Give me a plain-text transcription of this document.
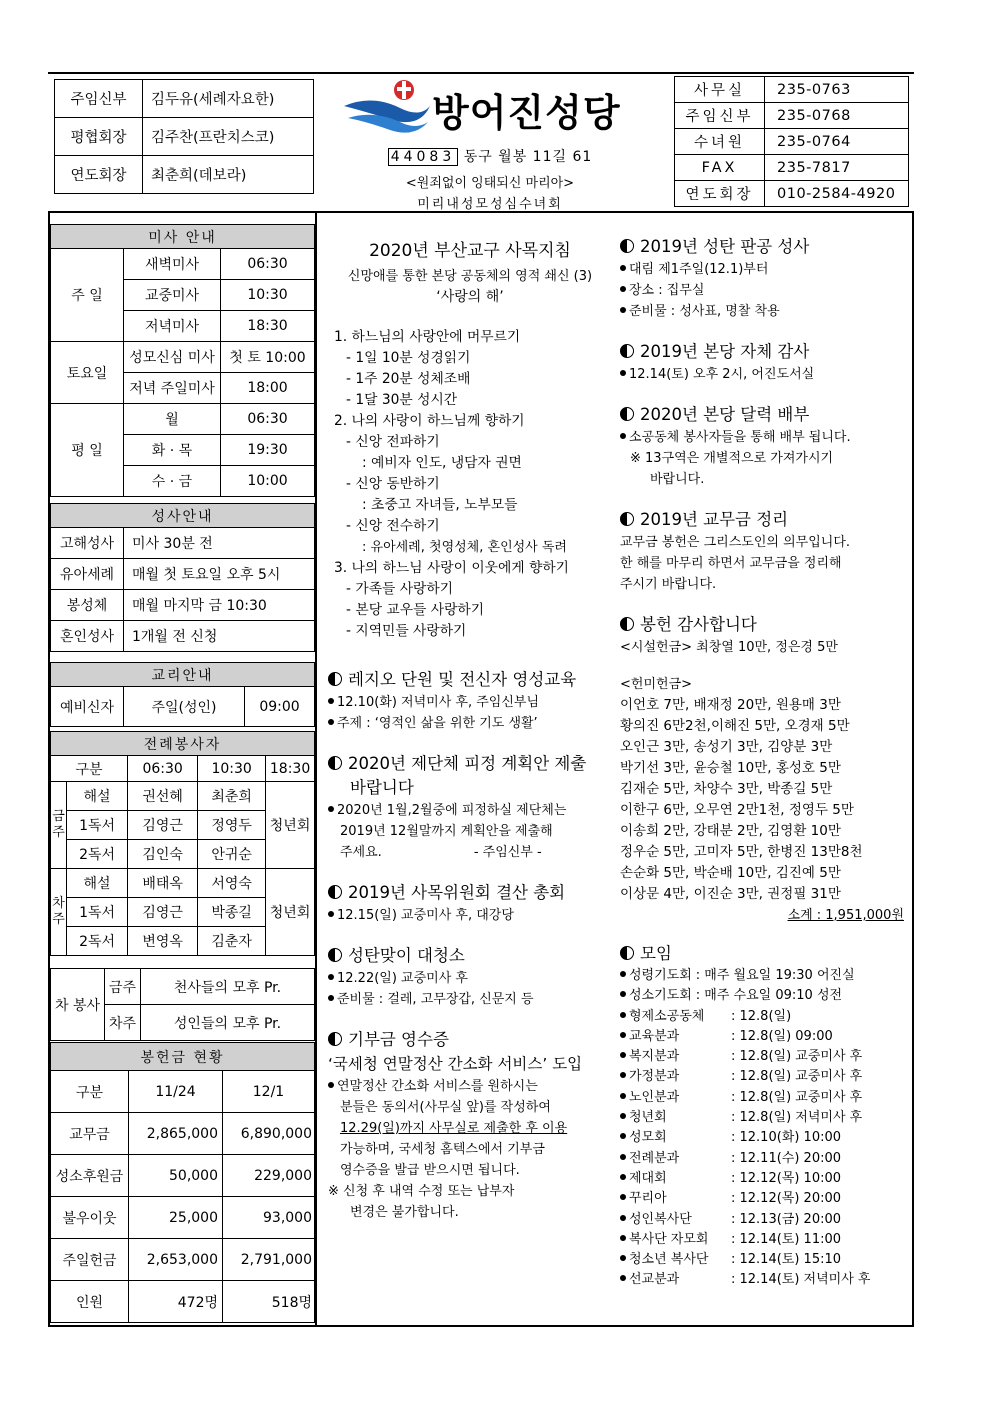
주임신부	김두유(세례자요한)
평협회장	김주찬(프란치스코)
연도회장	최춘희(데보라)
방어진성당
44083 동구 월봉 11길 61
<원죄없이 잉태되신 마리아>
미리내성모성심수녀회
사무실	235-0763
주임신부	235-0768
수녀원	235-0764
FAX	235-7817
연도회장	010-2584-4920
미사 안내		
주 일	새벽미사	06:30
	교중미사	10:30
	저녁미사	18:30
토요일	성모신심 미사	첫 토 10:00
	저녁 주일미사	18:00
평 일	월	06:30
	화 · 목	19:30
	수 · 금	10:00
성사안내	
고해성사	미사 30분 전
유아세례	매월 첫 토요일 오후 5시
봉성체	매월 마지막 금 10:30
혼인성사	1개월 전 신청
교리안내
예비신자	주일(성인)	09:00
전례봉사자				
구분		06:30	10:30	18:30
금
주	해설	권선혜	최춘희	청년회
	1독서	김영근	정영두	
	2독서	김인숙	안귀순	
차
주	해설	배태옥	서영숙	청년회
	1독서	김영근	박종길	
	2독서	변영옥	김춘자	
차 봉사	금주	천사들의 모후 Pr.
	차주	성인들의 모후 Pr.
봉헌금 현황		
구분	11/24	12/1
교무금	2,865,000	6,890,000
성소후원금	50,000	229,000
불우이웃	25,000	93,000
주일헌금	2,653,000	2,791,000
인원	472명	518명
2020년 부산교구 사목지침
신망애를 통한 본당 공동체의 영적 쇄신 (3)
‘사랑의 해’
1. 하느님의 사랑안에 머무르기
- 1일 10분 성경읽기
- 1주 20분 성체조배
- 1달 30분 성시간
2. 나의 사랑이 하느님께 향하기
- 신앙 전파하기
: 예비자 인도, 냉담자 권면
- 신앙 동반하기
: 초중고 자녀들, 노부모들
- 신앙 전수하기
: 유아세례, 첫영성체, 혼인성사 독려
3. 나의 하느님 사랑이 이웃에게 향하기
- 가족들 사랑하기
- 본당 교우들 사랑하기
- 지역민들 사랑하기
레지오 단원 및 전신자 영성교육
12.10(화) 저녁미사 후, 주임신부님
주제 : ‘영적인 삶을 위한 기도 생활’
2020년 제단체 피정 계획안 제출
바랍니다
2020년 1월,2월중에 피정하실 제단체는
2019년 12월말까지 계획안을 제출해
주세요.	- 주임신부 -
2019년 사목위원회 결산 총회
12.15(일) 교중미사 후, 대강당
성탄맞이 대청소
12.22(일) 교중미사 후
준비물 : 걸레, 고무장갑, 신문지 등
기부금 영수증
‘국세청 연말정산 간소화 서비스’ 도입
연말정산 간소화 서비스를 원하시는
분들은 동의서(사무실 앞)를 작성하여
12.29(일)까지 사무실로 제출한 후 이용
가능하며, 국세청 홈텍스에서 기부금
영수증을 발급 받으시면 됩니다.
※ 신청 후 내역 수정 또는 납부자
변경은 불가합니다.
2019년 성탄 판공 성사
대림 제1주일(12.1)부터
장소 : 집무실
준비물 : 성사표, 명찰 착용
2019년 본당 자체 감사
12.14(토) 오후 2시, 어진도서실
2020년 본당 달력 배부
소공동체 봉사자들을 통해 배부 됩니다.
※ 13구역은 개별적으로 가져가시기
바랍니다.
2019년 교무금 정리
교무금 봉헌은 그리스도인의 의무입니다.
한 해를 마무리 하면서 교무금을 정리해
주시기 바랍니다.
봉헌 감사합니다
<시설헌금> 최창열 10만, 정은경 5만
<헌미헌금>
이언호 7만, 배재정 20만, 원용매 3만
황의진 6만2천,이해진 5만, 오경재 5만
오인근 3만, 송성기 3만, 김양분 3만
박기선 3만, 윤승철 10만, 홍성호 5만
김재순 5만, 차양수 3만, 박종길 5만
이한구 6만, 오무연 2만1천, 정영두 5만
이송희 2만, 강태분 2만, 김영환 10만
정우순 5만, 고미자 5만, 한병진 13만8천
손순화 5만, 박순배 10만, 김진예 5만
이상문 4만, 이진순 3만, 권정필 31만
소계 : 1,951,000원
모임
성령기도회 : 매주 월요일 19:30 어진실
성소기도회 : 매주 수요일 09:10 성전
형제소공동체 : 12.8(일)
교육분과	: 12.8(일) 09:00
복지분과	: 12.8(일) 교중미사 후
가정분과	: 12.8(일) 교중미사 후
노인분과	: 12.8(일) 교중미사 후
청년회	: 12.8(일) 저녁미사 후
성모회	: 12.10(화) 10:00
전례분과	: 12.11(수) 20:00
제대회	: 12.12(목) 10:00
꾸리아	: 12.12(목) 20:00
성인복사단	: 12.13(금) 20:00
복사단 자모회 : 12.14(토) 11:00
청소년 복사단 : 12.14(토) 15:10
선교분과	: 12.14(토) 저녁미사 후
